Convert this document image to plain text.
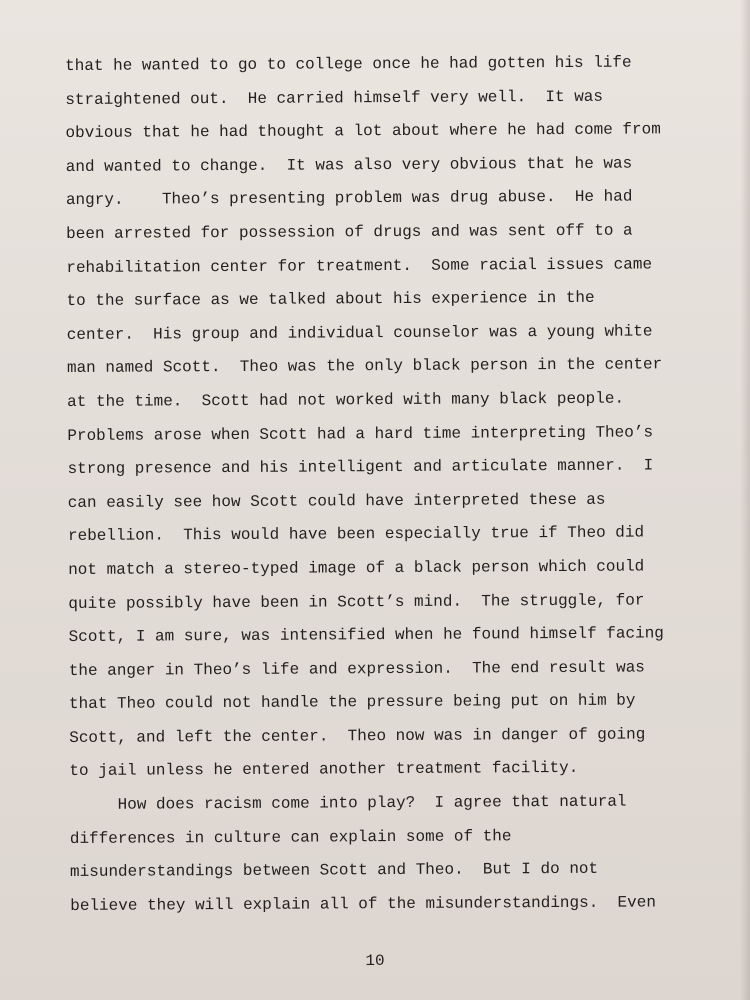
that he wanted to go to college once he had gotten his life
straightened out.  He carried himself very well.  It was
obvious that he had thought a lot about where he had come from
and wanted to change.  It was also very obvious that he was
angry.    Theo’s presenting problem was drug abuse.  He had
been arrested for possession of drugs and was sent off to a
rehabilitation center for treatment.  Some racial issues came
to the surface as we talked about his experience in the
center.  His group and individual counselor was a young white
man named Scott.  Theo was the only black person in the center
at the time.  Scott had not worked with many black people.
Problems arose when Scott had a hard time interpreting Theo’s
strong presence and his intelligent and articulate manner.  I
can easily see how Scott could have interpreted these as
rebellion.  This would have been especially true if Theo did
not match a stereo-typed image of a black person which could
quite possibly have been in Scott’s mind.  The struggle, for
Scott, I am sure, was intensified when he found himself facing
the anger in Theo’s life and expression.  The end result was
that Theo could not handle the pressure being put on him by
Scott, and left the center.  Theo now was in danger of going
to jail unless he entered another treatment facility.
How does racism come into play?  I agree that natural
differences in culture can explain some of the
misunderstandings between Scott and Theo.  But I do not
believe they will explain all of the misunderstandings.  Even
10
